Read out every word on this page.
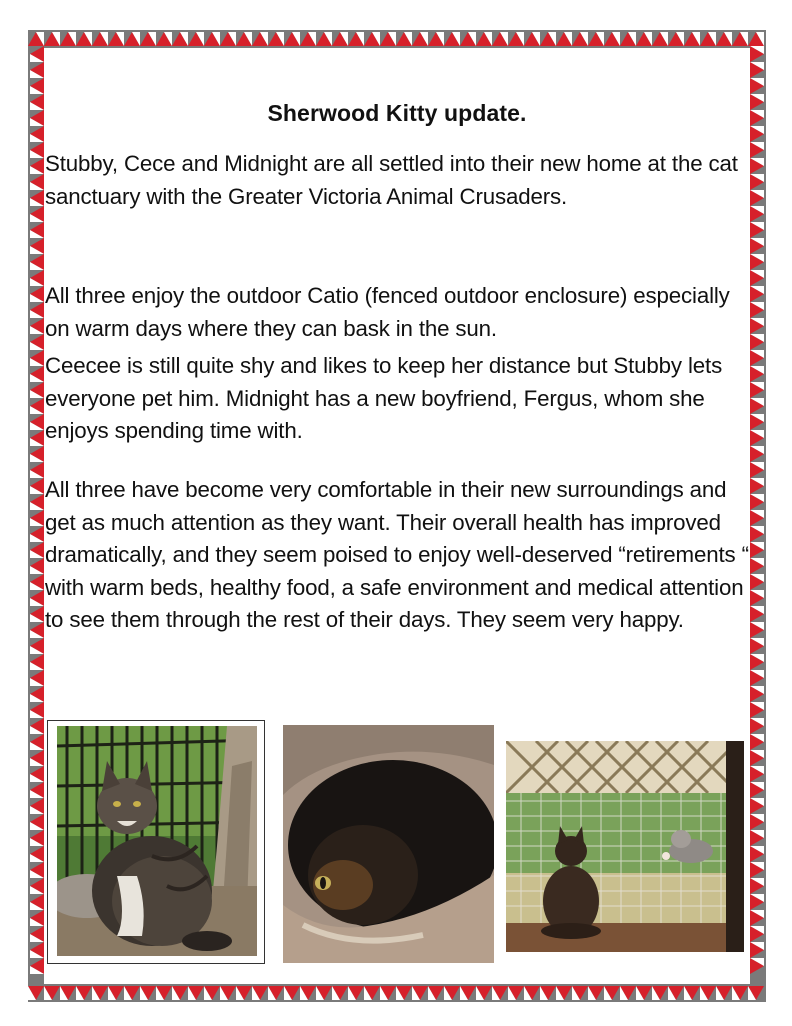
Sherwood Kitty update.

Stubby, Cece and Midnight are all settled into their new home at the cat sanctuary with the Greater Victoria Animal Crusaders.

All three enjoy the outdoor Catio (fenced outdoor enclosure) especially on warm days where they can bask in the sun.

Ceecee is still quite shy and likes to keep her distance but Stubby lets everyone pet him. Midnight has a new boyfriend, Fergus, whom she enjoys spending time with.

All three have become very comfortable in their new surroundings and get as much attention as they want. Their overall health has improved dramatically, and they seem poised to enjoy well-deserved “retirements “ with warm beds, healthy food, a safe environment and medical attention to see them through the rest of their days. They seem very happy.
